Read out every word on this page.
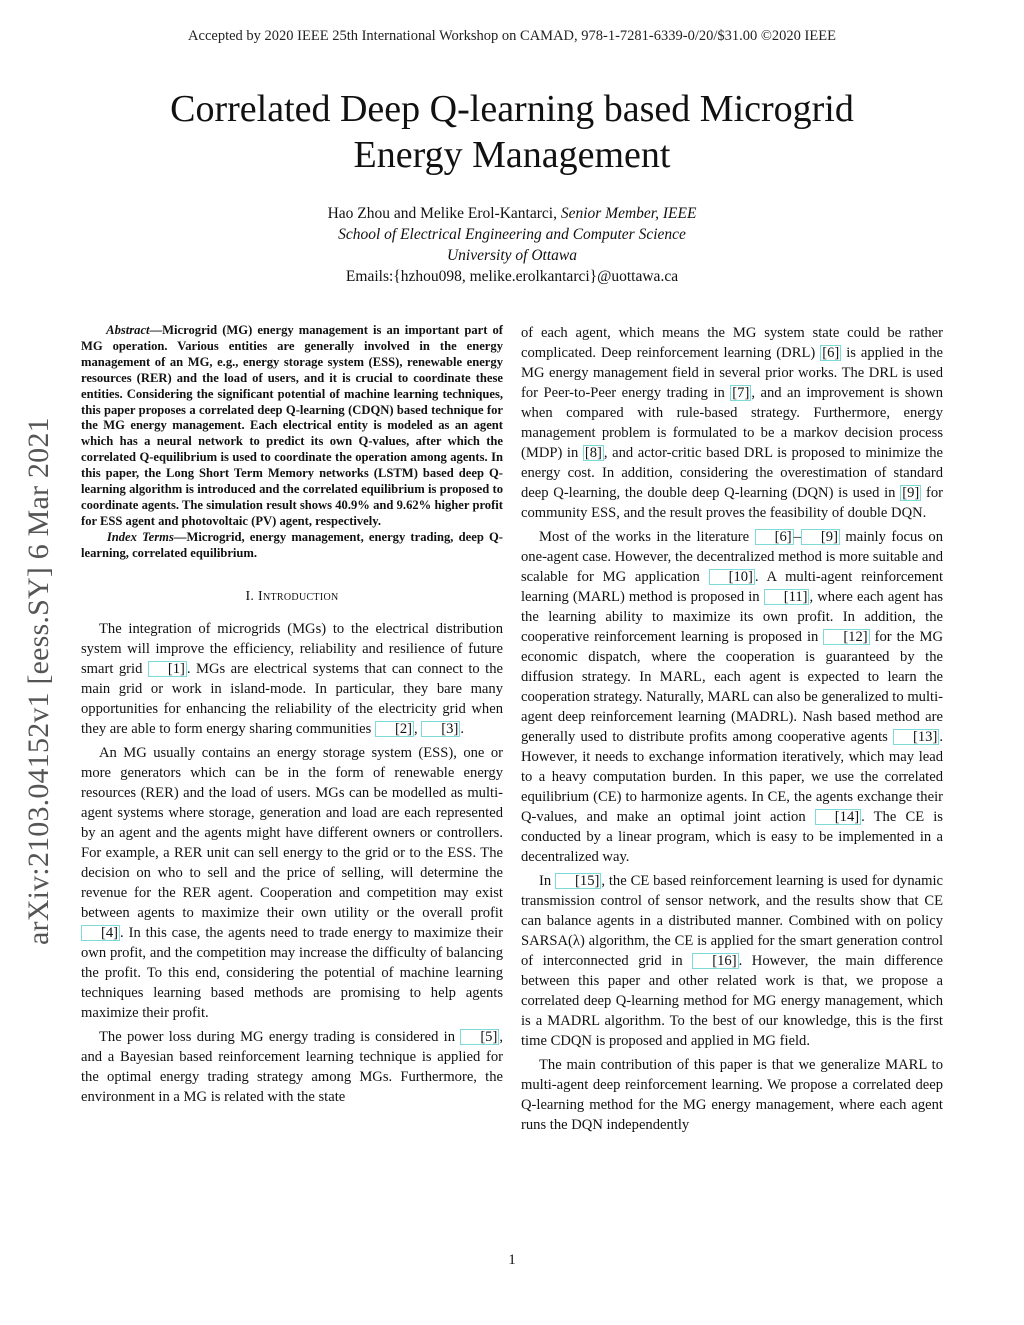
Accepted by 2020 IEEE 25th International Workshop on CAMAD, 978-1-7281-6339-0/20/$31.00 ©2020 IEEE
arXiv:2103.04152v1 [eess.SY] 6 Mar 2021
Correlated Deep Q-learning based Microgrid
Energy Management
Hao Zhou and Melike Erol-Kantarci, Senior Member, IEEE
School of Electrical Engineering and Computer Science
University of Ottawa
Emails:{hzhou098, melike.erolkantarci}@uottawa.ca

Abstract—Microgrid (MG) energy management is an important part of MG operation. Various entities are generally involved in the energy management of an MG, e.g., energy storage system (ESS), renewable energy resources (RER) and the load of users, and it is crucial to coordinate these entities. Considering the significant potential of machine learning techniques, this paper proposes a correlated deep Q-learning (CDQN) based technique for the MG energy management. Each electrical entity is modeled as an agent which has a neural network to predict its own Q-values, after which the correlated Q-equilibrium is used to coordinate the operation among agents. In this paper, the Long Short Term Memory networks (LSTM) based deep Q-learning algorithm is introduced and the correlated equilibrium is proposed to coordinate agents. The simulation result shows 40.9% and 9.62% higher profit for ESS agent and photovoltaic (PV) agent, respectively.
Index Terms—Microgrid, energy management, energy trading, deep Q-learning, correlated equilibrium.

I. Introduction

The integration of microgrids (MGs) to the electrical distribution system will improve the efficiency, reliability and resilience of future smart grid [1] . MGs are electrical systems that can connect to the main grid or work in island-mode. In particular, they bare many opportunities for enhancing the reliability of the electricity grid when they are able to form energy sharing communities [2] , [3] .

An MG usually contains an energy storage system (ESS), one or more generators which can be in the form of renewable energy resources (RER) and the load of users. MGs can be modelled as multi-agent systems where storage, generation and load are each represented by an agent and the agents might have different owners or controllers. For example, a RER unit can sell energy to the grid or to the ESS. The decision on who to sell and the price of selling, will determine the revenue for the RER agent. Cooperation and competition may exist between agents to maximize their own utility or the overall profit [4] . In this case, the agents need to trade energy to maximize their own profit, and the competition may increase the difficulty of balancing the profit. To this end, considering the potential of machine learning techniques learning based methods are promising to help agents maximize their profit.

The power loss during MG energy trading is considered in [5] , and a Bayesian based reinforcement learning technique is applied for the optimal energy trading strategy among MGs. Furthermore, the environment in a MG is related with the state

of each agent, which means the MG system state could be rather complicated. Deep reinforcement learning (DRL) [6] is applied in the MG energy management field in several prior works. The DRL is used for Peer-to-Peer energy trading in [7] , and an improvement is shown when compared with rule-based strategy. Furthermore, energy management problem is formulated to be a markov decision process (MDP) in [8] , and actor-critic based DRL is proposed to minimize the energy cost. In addition, considering the overestimation of standard deep Q-learning, the double deep Q-learning (DQN) is used in [9] for community ESS, and the result proves the feasibility of double DQN.

Most of the works in the literature [6] – [9] mainly focus on one-agent case. However, the decentralized method is more suitable and scalable for MG application [10] . A multi-agent reinforcement learning (MARL) method is proposed in [11] , where each agent has the learning ability to maximize its own profit. In addition, the cooperative reinforcement learning is proposed in [12] for the MG economic dispatch, where the cooperation is guaranteed by the diffusion strategy. In MARL, each agent is expected to learn the cooperation strategy. Naturally, MARL can also be generalized to multi-agent deep reinforcement learning (MADRL). Nash based method are generally used to distribute profits among cooperative agents [13] . However, it needs to exchange information iteratively, which may lead to a heavy computation burden. In this paper, we use the correlated equilibrium (CE) to harmonize agents. In CE, the agents exchange their Q-values, and make an optimal joint action [14] . The CE is conducted by a linear program, which is easy to be implemented in a decentralized way.

In [15] , the CE based reinforcement learning is used for dynamic transmission control of sensor network, and the results show that CE can balance agents in a distributed manner. Combined with on policy SARSA(λ) algorithm, the CE is applied for the smart generation control of interconnected grid in [16] . However, the main difference between this paper and other related work is that, we propose a correlated deep Q-learning method for MG energy management, which is a MADRL algorithm. To the best of our knowledge, this is the first time CDQN is proposed and applied in MG field.

The main contribution of this paper is that we generalize MARL to multi-agent deep reinforcement learning. We propose a correlated deep Q-learning method for the MG energy management, where each agent runs the DQN independently

1
